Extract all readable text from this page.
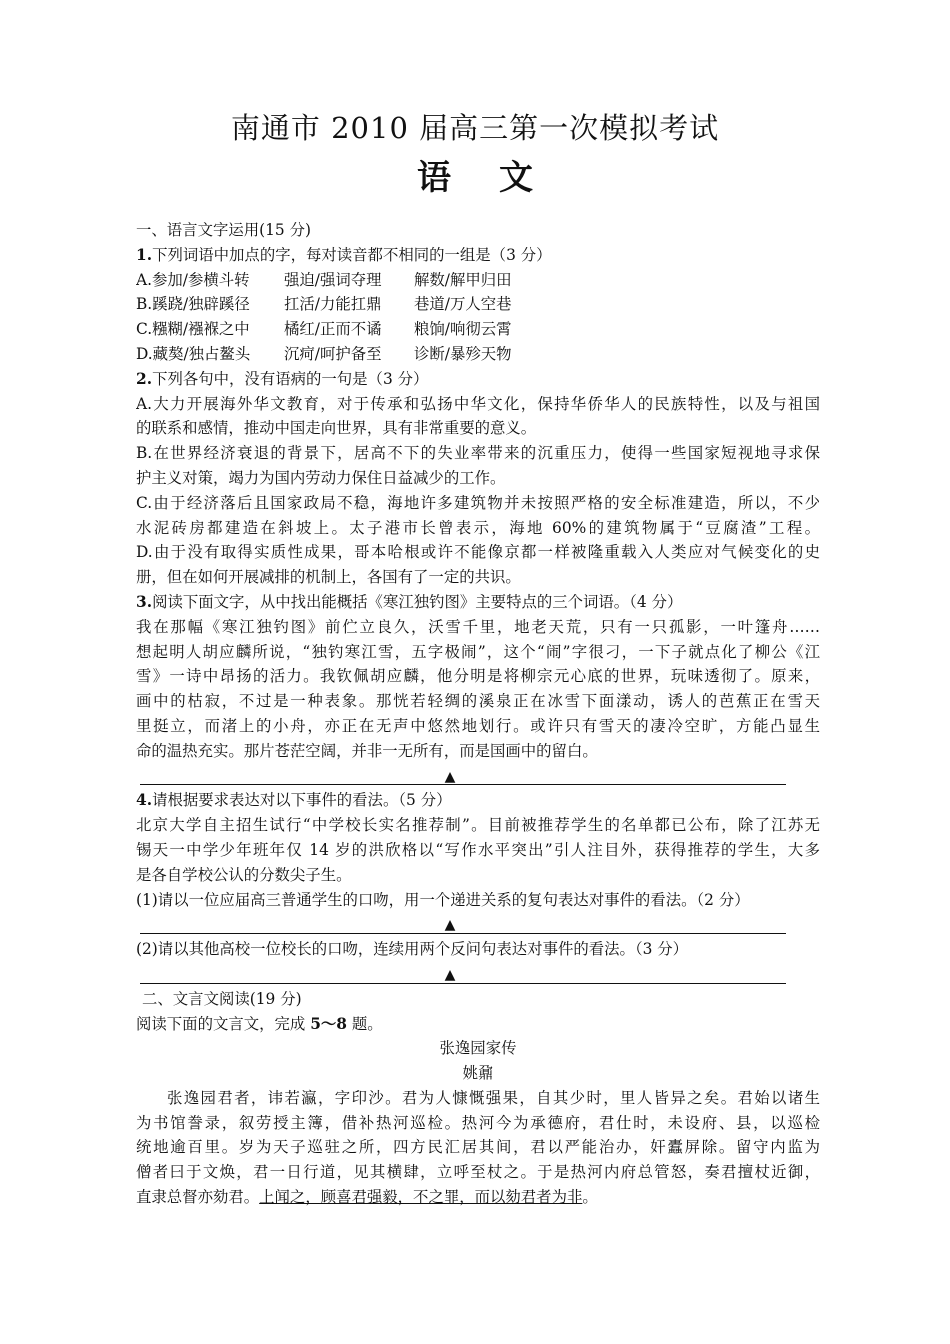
南通市 2010 届高三第一次模拟考试
语文
一、语言文字运用(15 分)
1.下列词语中加点的字，每对读音都不相同的一组是（3 分）
A.参加/参横斗转 强迫/强词夺理 解数/解甲归田
B.蹊跷/独辟蹊径 扛活/力能扛鼎 巷道/万人空巷
C.糨糊/襁褓之中 橘红/正而不谲 粮饷/响彻云霄
D.藏獒/独占鳌头 沉疴/呵护备至 诊断/暴殄天物
2.下列各句中，没有语病的一句是（3 分）
A.大力开展海外华文教育，对于传承和弘扬中华文化，保持华侨华人的民族特性，以及与祖国
的联系和感情，推动中国走向世界，具有非常重要的意义。
B.在世界经济衰退的背景下，居高不下的失业率带来的沉重压力，使得一些国家短视地寻求保
护主义对策，竭力为国内劳动力保住日益减少的工作。
C.由于经济落后且国家政局不稳，海地许多建筑物并未按照严格的安全标准建造，所以，不少
水泥砖房都建造在斜坡上。太子港市长曾表示，海地 60%的建筑物属于“豆腐渣”工程。
D.由于没有取得实质性成果，哥本哈根或许不能像京都一样被隆重载入人类应对气候变化的史
册，但在如何开展减排的机制上，各国有了一定的共识。
3.阅读下面文字，从中找出能概括《寒江独钓图》主要特点的三个词语。（4 分）
我在那幅《寒江独钓图》前伫立良久，沃雪千里，地老天荒，只有一只孤影，一叶篷舟……
想起明人胡应麟所说，“独钓寒江雪，五字极闹”，这个“闹”字很刁，一下子就点化了柳公《江
雪》一诗中昂扬的活力。我钦佩胡应麟，他分明是将柳宗元心底的世界，玩味透彻了。原来，
画中的枯寂，不过是一种表象。那恍若轻绸的溪泉正在冰雪下面漾动，诱人的芭蕉正在雪天
里挺立，而渚上的小舟，亦正在无声中悠然地划行。或许只有雪天的凄冷空旷，方能凸显生
命的温热充实。那片苍茫空阔，并非一无所有，而是国画中的留白。
▲
4.请根据要求表达对以下事件的看法。（5 分）
北京大学自主招生试行“中学校长实名推荐制”。目前被推荐学生的名单都已公布，除了江苏无
锡天一中学少年班年仅 14 岁的洪欣格以“写作水平突出”引人注目外，获得推荐的学生，大多
是各自学校公认的分数尖子生。
(1)请以一位应届高三普通学生的口吻，用一个递进关系的复句表达对事件的看法。（2 分）
▲
(2)请以其他高校一位校长的口吻，连续用两个反问句表达对事件的看法。（3 分）
▲
二、文言文阅读(19 分)
阅读下面的文言文，完成 5～8 题。
张逸园家传
姚鼐
张逸园君者，讳若瀛，字印沙。君为人慷慨强果，自其少时，里人皆异之矣。君始以诸生
为书馆誊录，叙劳授主簿，借补热河巡检。热河今为承德府，君仕时，未设府、县，以巡检
统地逾百里。岁为天子巡驻之所，四方民汇居其间，君以严能治办，奸蠹屏除。留守内监为
僧者曰于文焕，君一日行道，见其横肆，立呼至杖之。于是热河内府总管怒，奏君擅杖近御，
直隶总督亦劾君。上闻之，顾喜君强毅，不之罪，而以劾君者为非。
